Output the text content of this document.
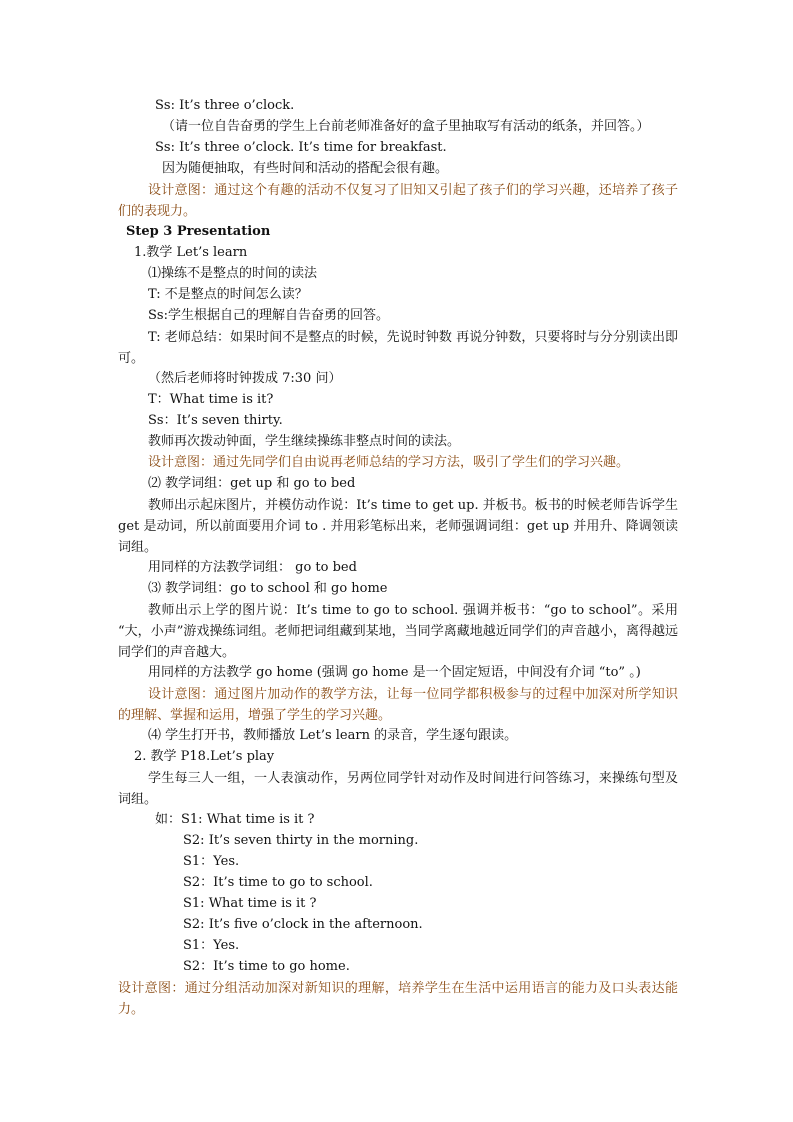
Ss: It’s three o’clock.
（请一位自告奋勇的学生上台前老师准备好的盒子里抽取写有活动的纸条，并回答。）
Ss: It’s three o’clock. It’s time for breakfast.
因为随便抽取，有些时间和活动的搭配会很有趣。
设计意图：通过这个有趣的活动不仅复习了旧知又引起了孩子们的学习兴趣，还培养了孩子们的表现力。
Step 3 Presentation
1.教学 Let’s learn
⑴操练不是整点的时间的读法
T: 不是整点的时间怎么读？
Ss:学生根据自己的理解自告奋勇的回答。
T: 老师总结：如果时间不是整点的时候，先说时钟数 再说分钟数，只要将时与分分别读出即可。
（然后老师将时钟拨成 7:30 问）
T：What time is it?
Ss：It’s seven thirty.
教师再次拨动钟面，学生继续操练非整点时间的读法。
设计意图：通过先同学们自由说再老师总结的学习方法，吸引了学生们的学习兴趣。
⑵ 教学词组：get up 和 go to bed
教师出示起床图片，并模仿动作说：It’s time to get up. 并板书。板书的时候老师告诉学生 get 是动词，所以前面要用介词 to . 并用彩笔标出来，老师强调词组：get up 并用升、降调领读词组。
用同样的方法教学词组： go to bed
⑶ 教学词组：go to school 和 go home
教师出示上学的图片说：It’s time to go to school. 强调并板书：“go to school”。采用 “大，小声”游戏操练词组。老师把词组藏到某地，当同学离藏地越近同学们的声音越小，离得越远同学们的声音越大。
用同样的方法教学 go home (强调 go home 是一个固定短语，中间没有介词 “to” 。)
设计意图：通过图片加动作的教学方法，让每一位同学都积极参与的过程中加深对所学知识的理解、掌握和运用，增强了学生的学习兴趣。
⑷ 学生打开书，教师播放 Let’s learn 的录音，学生逐句跟读。
2. 教学 P18.Let’s play
学生每三人一组，一人表演动作，另两位同学针对动作及时间进行问答练习，来操练句型及词组。
如：S1: What time is it ?
S2: It’s seven thirty in the morning.
S1：Yes.
S2：It’s time to go to school.
S1: What time is it ?
S2: It’s five o’clock in the afternoon.
S1：Yes.
S2：It’s time to go home.
设计意图：通过分组活动加深对新知识的理解，培养学生在生活中运用语言的能力及口头表达能力。
